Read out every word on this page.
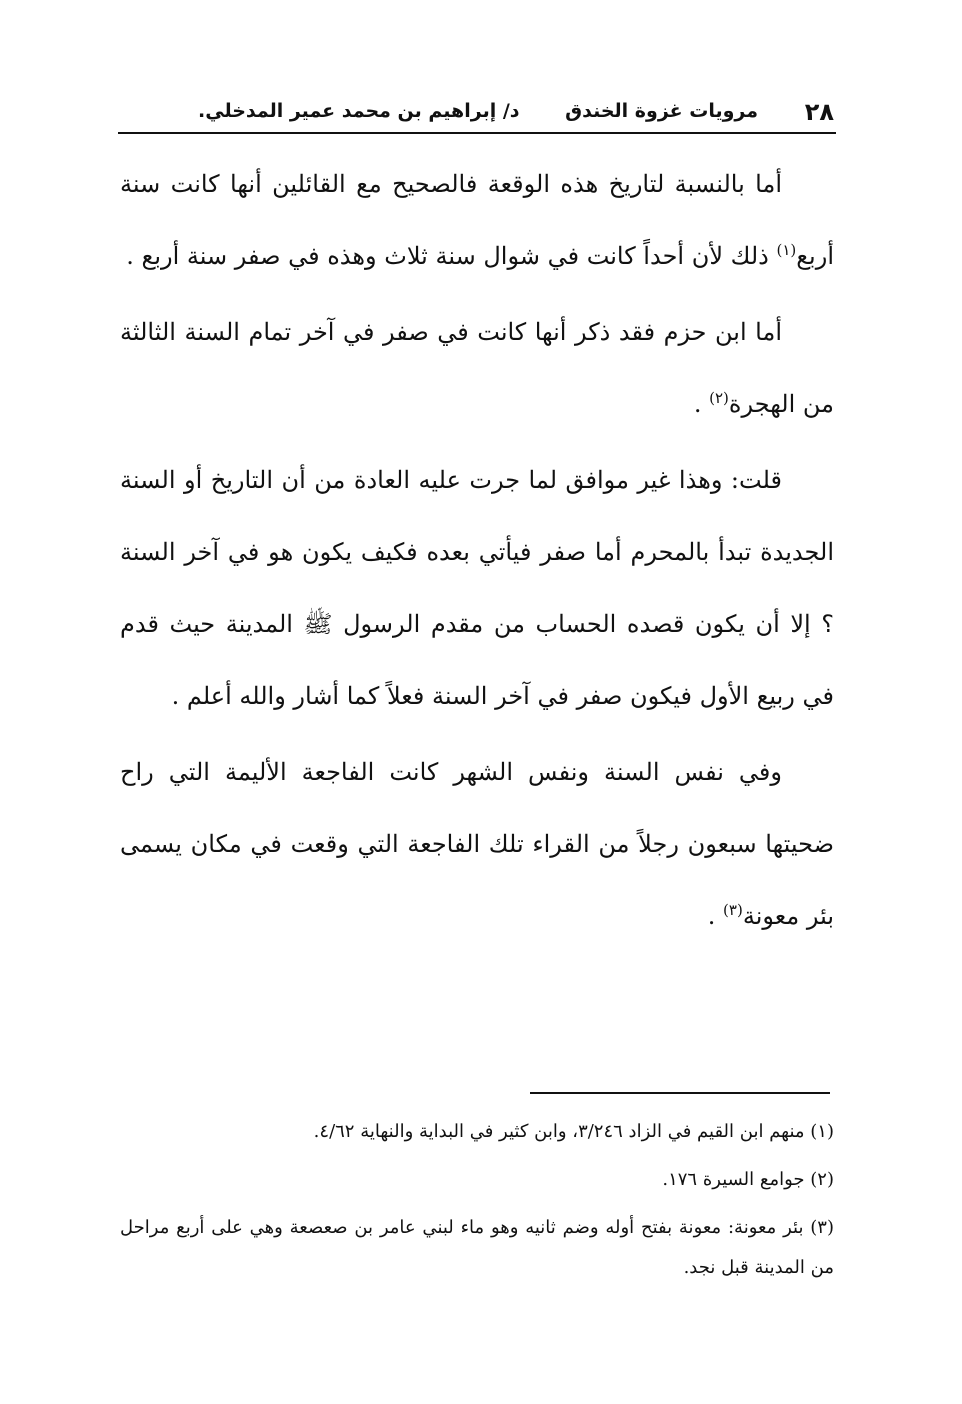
٢٨
مرويات غزوة الخندق
د/ إبراهيم بن محمد عمير المدخلي.

أما بالنسبة لتاريخ هذه الوقعة فالصحيح مع القائلين أنها كانت سنة أربع$^{(١)}$ ذلك لأن أحداً كانت في شوال سنة ثلاث وهذه في صفر سنة أربع .

أما ابن حزم فقد ذكر أنها كانت في صفر في آخر تمام السنة الثالثة من الهجرة$^{(٢)}$ .

قلت: وهذا غير موافق لما جرت عليه العادة من أن التاريخ أو السنة الجديدة تبدأ بالمحرم أما صفر فيأتي بعده فكيف يكون هو في آخر السنة ؟ إلا أن يكون قصده الحساب من مقدم الرسول ﷺ المدينة حيث قدم في ربيع الأول فيكون صفر في آخر السنة فعلاً كما أشار والله أعلم .

وفي نفس السنة ونفس الشهر كانت الفاجعة الأليمة التي راح ضحيتها سبعون رجلاً من القراء تلك الفاجعة التي وقعت في مكان يسمى بئر معونة$^{(٣)}$ .

(١) منهم ابن القيم في الزاد ٣/٢٤٦، وابن كثير في البداية والنهاية ٤/٦٢.

(٢) جوامع السيرة ١٧٦.

(٣) بئر معونة: معونة بفتح أوله وضم ثانيه وهو ماء لبني عامر بن صعصعة وهي على أربع مراحل من المدينة قبل نجد.
